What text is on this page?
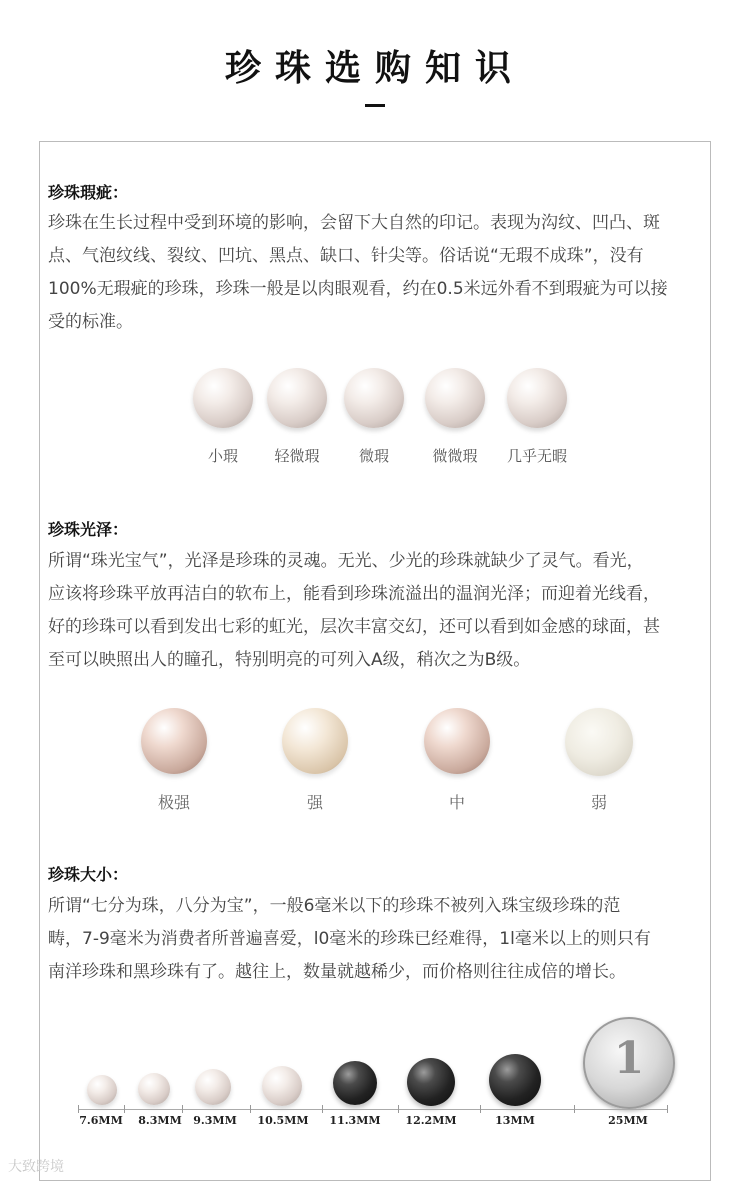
珍珠选购知识
珍珠瑕疵：
珍珠在生长过程中受到环境的影响，会留下大自然的印记。表现为沟纹、凹凸、斑
点、气泡纹线、裂纹、凹坑、黑点、缺口、针尖等。俗话说“无瑕不成珠”，没有
100%无瑕疵的珍珠，珍珠一般是以肉眼观看，约在0.5米远外看不到瑕疵为可以接
受的标准。
小瑕	轻微瑕	微瑕	微微瑕	几乎无暇
珍珠光泽：
所谓“珠光宝气”，光泽是珍珠的灵魂。无光、少光的珍珠就缺少了灵气。看光，
应该将珍珠平放再洁白的软布上，能看到珍珠流溢出的温润光泽；而迎着光线看，
好的珍珠可以看到发出七彩的虹光，层次丰富交幻，还可以看到如金感的球面，甚
至可以映照出人的瞳孔，特别明亮的可列入A级，稍次之为B级。
极强	强	中	弱
珍珠大小：
所谓“七分为珠，八分为宝”，一般6毫米以下的珍珠不被列入珠宝级珍珠的范
畴，7-9毫米为消费者所普遍喜爱，l0毫米的珍珠已经难得，1l毫米以上的则只有
南洋珍珠和黑珍珠有了。越往上，数量就越稀少，而价格则往往成倍的增长。
1
7.6MM	8.3MM	9.3MM	10.5MM	11.3MM	12.2MM	13MM	25MM
大致跨境
